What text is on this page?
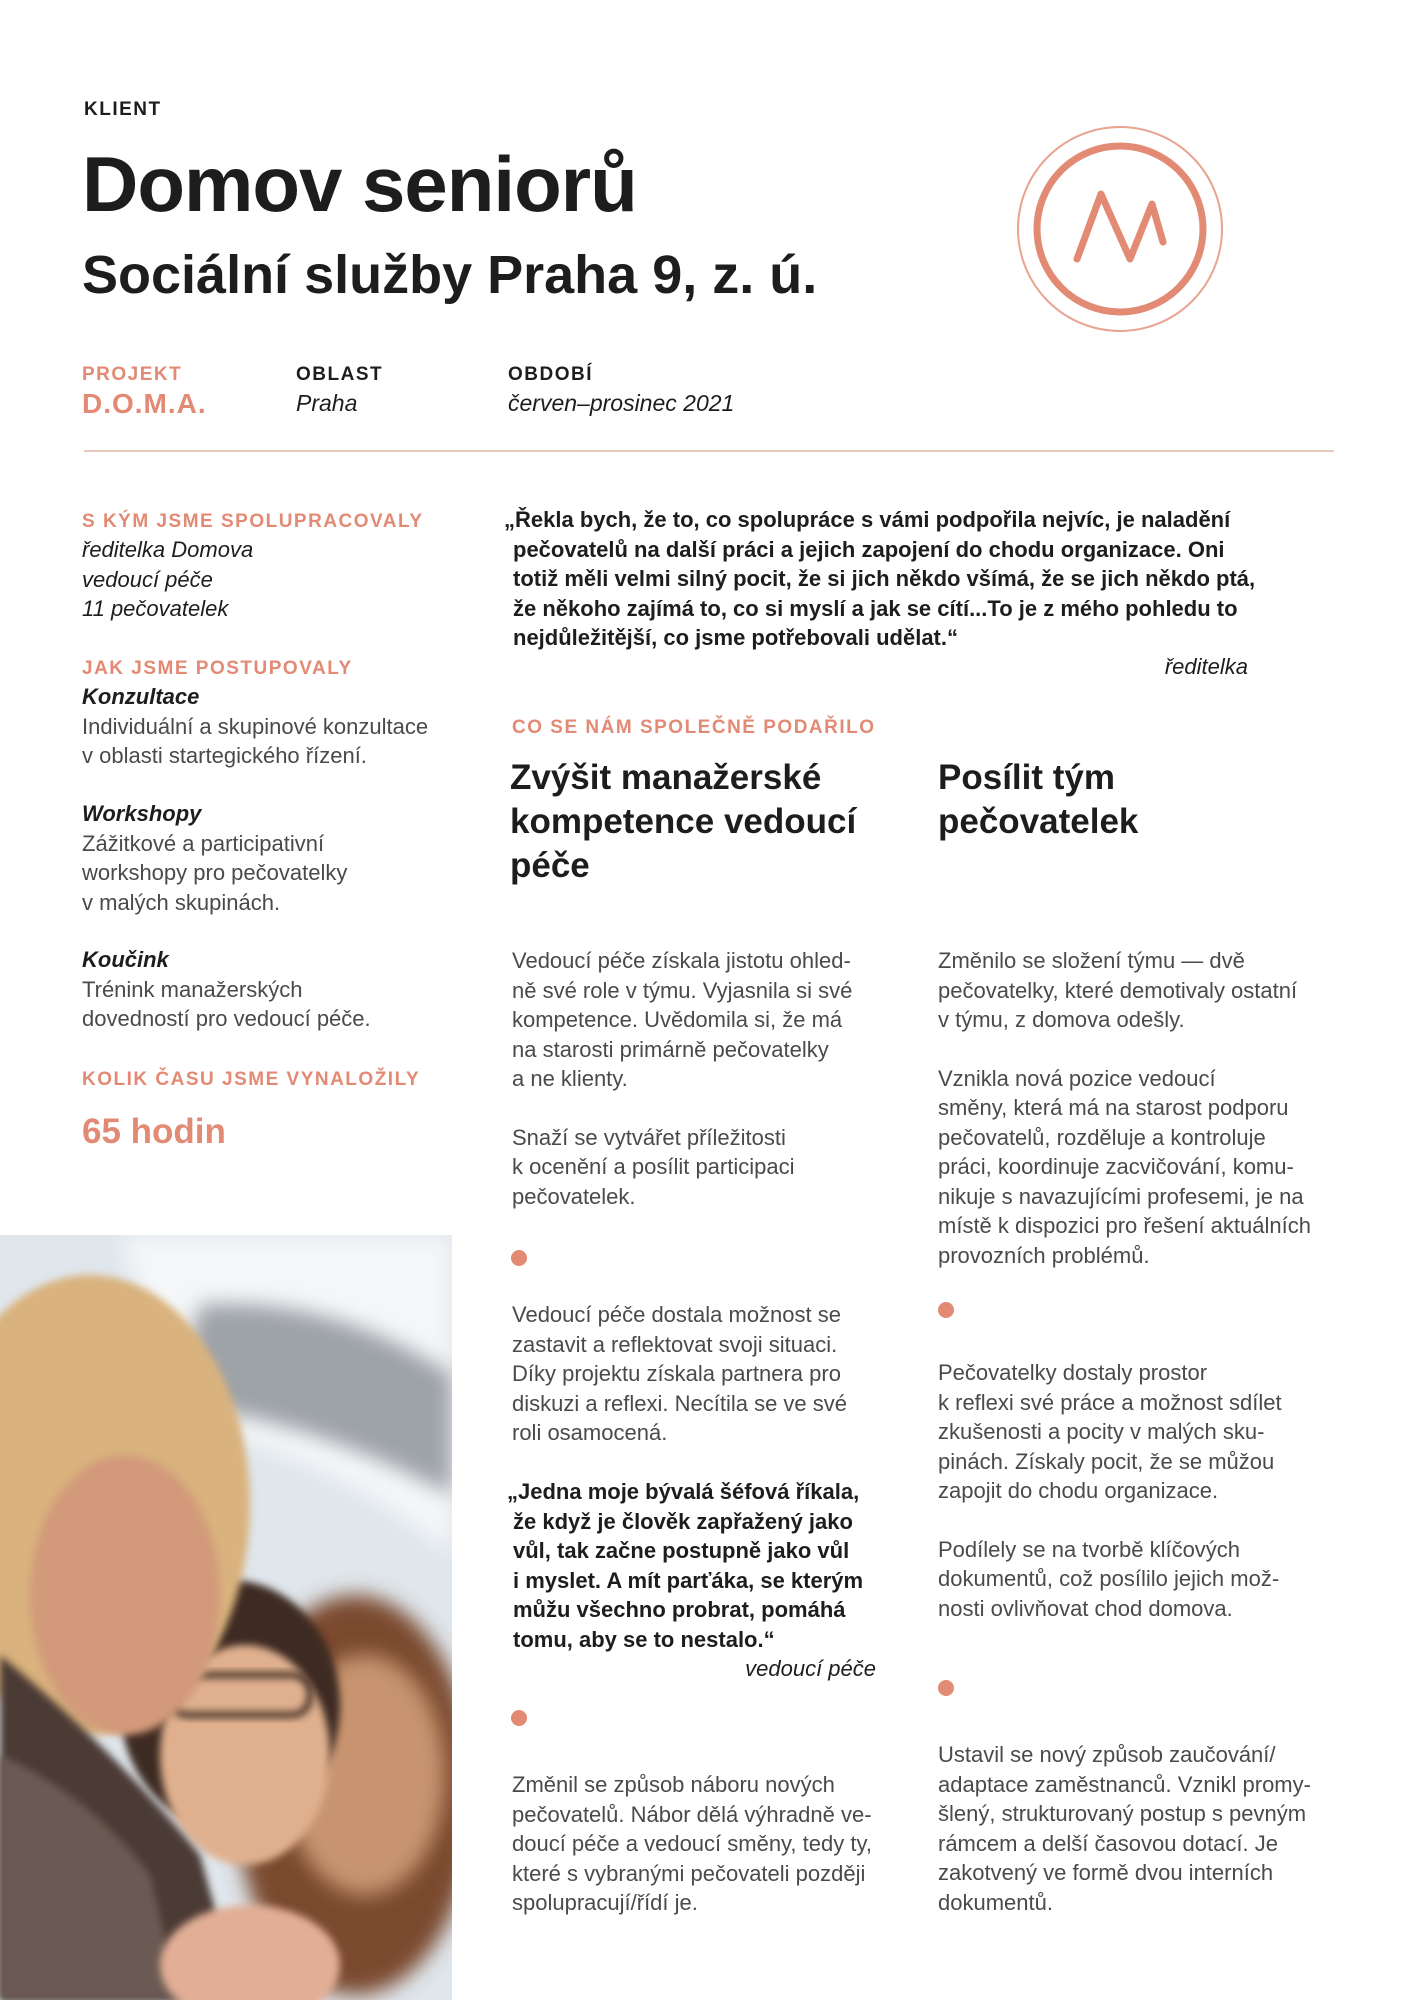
KLIENT
Domov seniorů
Sociální služby Praha 9, z. ú.
PROJEKT
D.O.M.A.
OBLAST
Praha
OBDOBÍ
červen–prosinec 2021
S KÝM JSME SPOLUPRACOVALY
ředitelka Domova
vedoucí péče
11 pečovatelek
JAK JSME POSTUPOVALY
Konzultace
Individuální a skupinové konzultace
v oblasti startegického řízení.
Workshopy
Zážitkové a participativní
workshopy pro pečovatelky
v malých skupinách.
Koučink
Trénink manažerských
dovedností pro vedoucí péče.
KOLIK ČASU JSME VYNALOŽILY
65 hodin
„Řekla bych, že to, co spolupráce s vámi podpořila nejvíc, je naladění
pečovatelů na další práci a jejich zapojení do chodu organizace. Oni
totiž měli velmi silný pocit, že si jich někdo všímá, že se jich někdo ptá,
že někoho zajímá to, co si myslí a jak se cítí...To je z mého pohledu to
nejdůležitější, co jsme potřebovali udělat.“
ředitelka
CO SE NÁM SPOLEČNĚ PODAŘILO
Zvýšit manažerské
kompetence vedoucí
péče
Vedoucí péče získala jistotu ohled-
ně své role v týmu. Vyjasnila si své
kompetence. Uvědomila si, že má
na starosti primárně pečovatelky
a ne klienty.
Snaží se vytvářet příležitosti
k ocenění a posílit participaci
pečovatelek.
Vedoucí péče dostala možnost se
zastavit a reflektovat svoji situaci.
Díky projektu získala partnera pro
diskuzi a reflexi. Necítila se ve své
roli osamocená.
„Jedna moje bývalá šéfová říkala,
že když je člověk zapřažený jako
vůl, tak začne postupně jako vůl
i myslet. A mít parťáka, se kterým
můžu všechno probrat, pomáhá
tomu, aby se to nestalo.“
vedoucí péče
Změnil se způsob náboru nových
pečovatelů. Nábor dělá výhradně ve-
doucí péče a vedoucí směny, tedy ty,
které s vybranými pečovateli později
spolupracují/řídí je.
Posílit tým
pečovatelek
Změnilo se složení týmu — dvě
pečovatelky, které demotivaly ostatní
v týmu, z domova odešly.
Vznikla nová pozice vedoucí
směny, která má na starost podporu
pečovatelů, rozděluje a kontroluje
práci, koordinuje zacvičování, komu-
nikuje s navazujícími profesemi, je na
místě k dispozici pro řešení aktuálních
provozních problémů.
Pečovatelky dostaly prostor
k reflexi své práce a možnost sdílet
zkušenosti a pocity v malých sku-
pinách. Získaly pocit, že se můžou
zapojit do chodu organizace.
Podílely se na tvorbě klíčových
dokumentů, což posílilo jejich mož-
nosti ovlivňovat chod domova.
Ustavil se nový způsob zaučování/
adaptace zaměstnanců. Vznikl promy-
šlený, strukturovaný postup s pevným
rámcem a delší časovou dotací. Je
zakotvený ve formě dvou interních
dokumentů.
